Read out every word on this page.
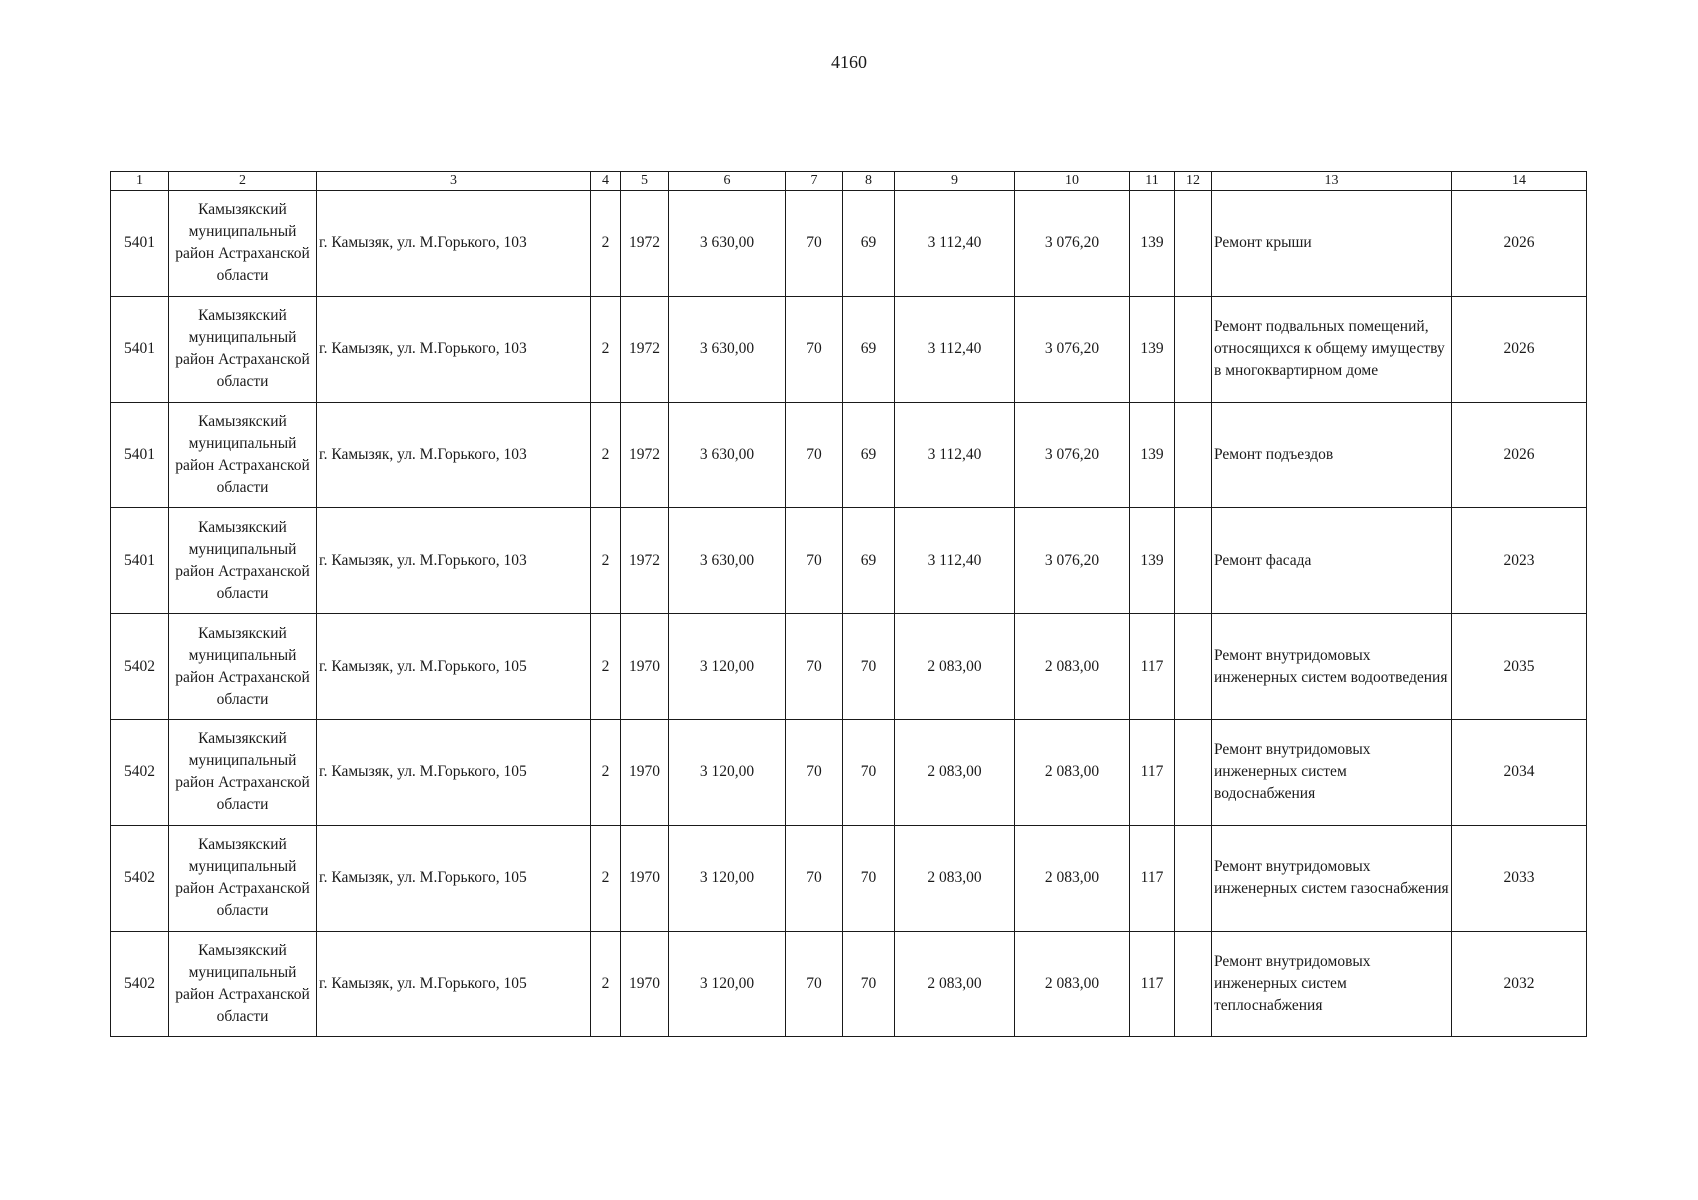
4160
1	2	3	4	5	6	7	8	9	10	11	12	13	14
5401	Камызякский муниципальный район Астраханской области	г. Камызяк, ул. М.Горького, 103	2	1972	3 630,00	70	69	3 112,40	3 076,20	139		Ремонт крыши	2026
5401	Камызякский муниципальный район Астраханской области	г. Камызяк, ул. М.Горького, 103	2	1972	3 630,00	70	69	3 112,40	3 076,20	139		Ремонт подвальных помещений, относящихся к общему имуществу в многоквартирном доме	2026
5401	Камызякский муниципальный район Астраханской области	г. Камызяк, ул. М.Горького, 103	2	1972	3 630,00	70	69	3 112,40	3 076,20	139		Ремонт подъездов	2026
5401	Камызякский муниципальный район Астраханской области	г. Камызяк, ул. М.Горького, 103	2	1972	3 630,00	70	69	3 112,40	3 076,20	139		Ремонт фасада	2023
5402	Камызякский муниципальный район Астраханской области	г. Камызяк, ул. М.Горького, 105	2	1970	3 120,00	70	70	2 083,00	2 083,00	117		Ремонт внутридомовых инженерных систем водоотведения	2035
5402	Камызякский муниципальный район Астраханской области	г. Камызяк, ул. М.Горького, 105	2	1970	3 120,00	70	70	2 083,00	2 083,00	117		Ремонт внутридомовых инженерных систем водоснабжения	2034
5402	Камызякский муниципальный район Астраханской области	г. Камызяк, ул. М.Горького, 105	2	1970	3 120,00	70	70	2 083,00	2 083,00	117		Ремонт внутридомовых инженерных систем газоснабжения	2033
5402	Камызякский муниципальный район Астраханской области	г. Камызяк, ул. М.Горького, 105	2	1970	3 120,00	70	70	2 083,00	2 083,00	117		Ремонт внутридомовых инженерных систем теплоснабжения	2032
